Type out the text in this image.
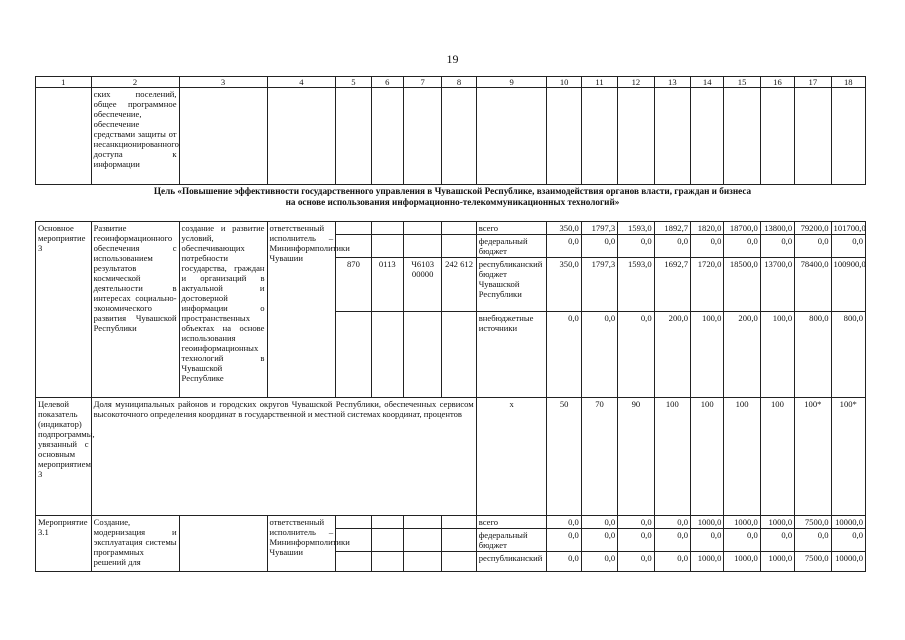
19
1	2	3	4	5	6	7	8	9	10	11	12	13	14	15	16	17	18
	ских поселений, общее программное обеспечение, обеспечение средствами защиты от несанкционированного доступа к информации																
Цель «Повышение эффективности государственного управления в Чувашской Республике, взаимодействия органов власти, граждан и бизнеса
на основе использования информационно-телекоммуникационных технологий»
Основное мероприятие 3	Развитие геоинформационного обеспечения с использованием результатов космической деятельности в интересах социально-экономического развития Чувашской Республики	создание и развитие условий, обеспечивающих потребности государства, граждан и организаций в актуальной и достоверной информации о пространственных объектах на основе использования геоинформационных технологий в Чувашской Республике	ответственный исполнитель – Мининформполитики Чувашии					всего	350,0	1797,3	1593,0	1892,7	1820,0	18700,0	13800,0	79200,0	101700,0
								федеральный бюджет	0,0	0,0	0,0	0,0	0,0	0,0	0,0	0,0	0,0
				870	0113	Ч6103 00000	242 612	республиканский бюджет Чувашской Республики	350,0	1797,3	1593,0	1692,7	1720,0	18500,0	13700,0	78400,0	100900,0
								внебюджетные источники	0,0	0,0	0,0	200,0	100,0	200,0	100,0	800,0	800,0
Целевой показатель (индикатор) подпрограммы, увязанный с основным мероприятием 3	Доля муниципальных районов и городских округов Чувашской Республики, обеспеченных сервисом высокоточного определения координат в государственной и местной системах координат, процентов							х	50	70	90	100	100	100	100	100*	100*
Мероприятие 3.1	Создание, модернизация и эксплуатация системы программных решений для		ответственный исполнитель – Мининформполитики Чувашии					всего	0,0	0,0	0,0	0,0	1000,0	1000,0	1000,0	7500,0	10000,0
								федеральный бюджет	0,0	0,0	0,0	0,0	0,0	0,0	0,0	0,0	0,0
								республиканский	0,0	0,0	0,0	0,0	1000,0	1000,0	1000,0	7500,0	10000,0
